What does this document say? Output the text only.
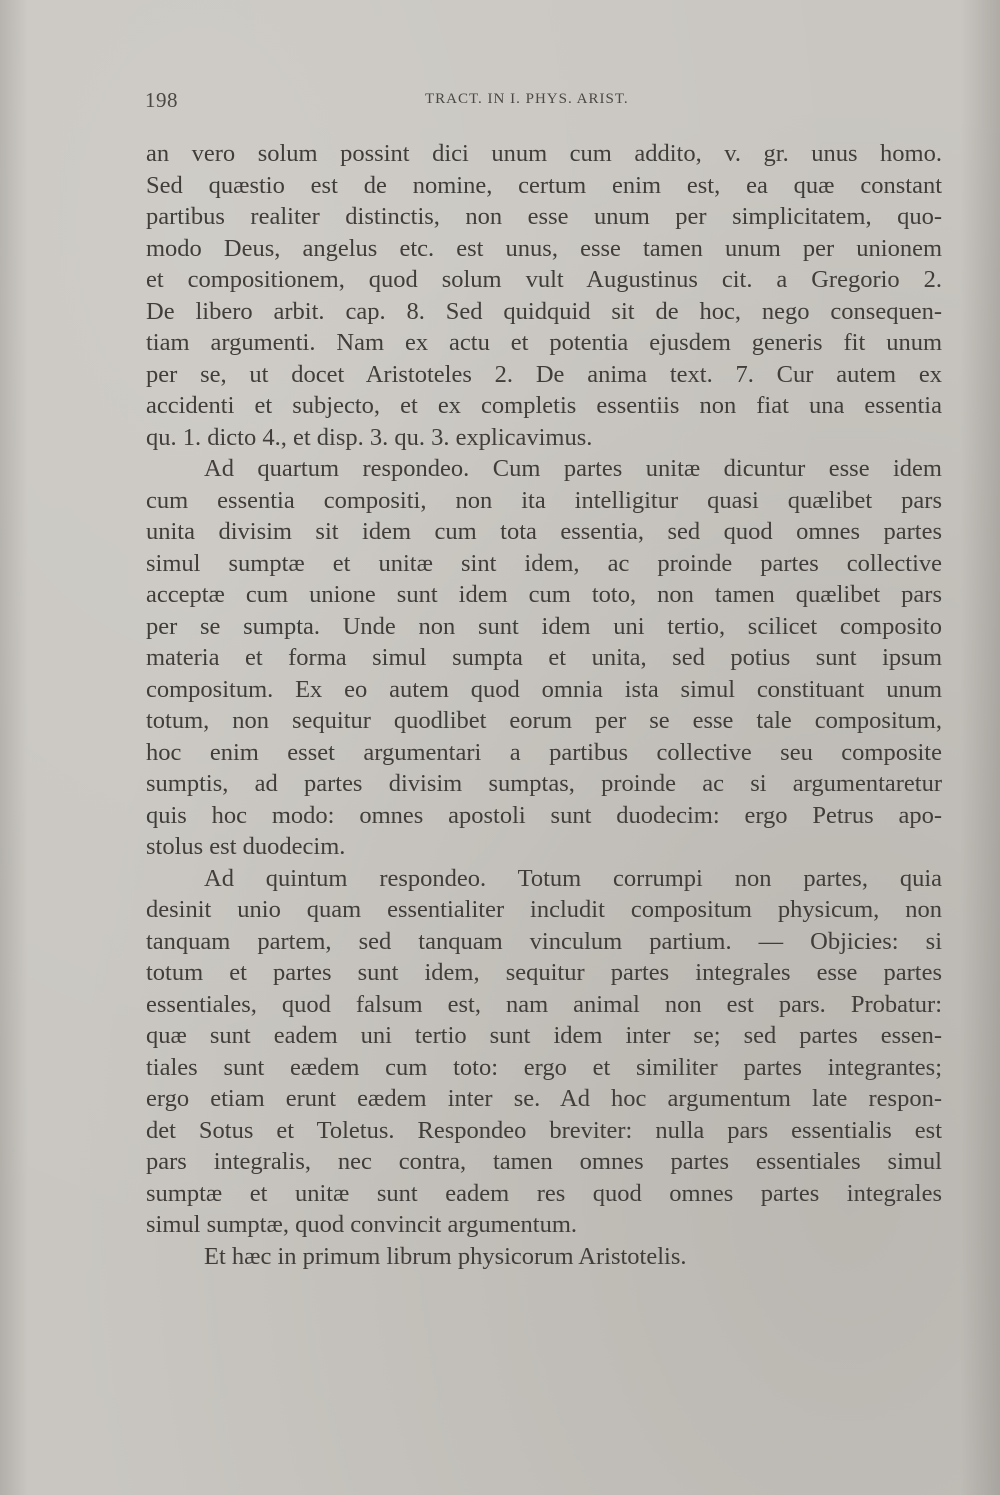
198	TRACT. IN I. PHYS. ARIST.
an vero solum possint dici unum cum addito, v. gr. unus homo.
Sed quæstio est de nomine, certum enim est, ea quæ constant
partibus realiter distinctis, non esse unum per simplicitatem, quo-
modo Deus, angelus etc. est unus, esse tamen unum per unionem
et compositionem, quod solum vult Augustinus cit. a Gregorio 2.
De libero arbit. cap. 8. Sed quidquid sit de hoc, nego consequen-
tiam argumenti. Nam ex actu et potentia ejusdem generis fit unum
per se, ut docet Aristoteles 2. De anima text. 7. Cur autem ex
accidenti et subjecto, et ex completis essentiis non fiat una essentia
qu. 1. dicto 4., et disp. 3. qu. 3. explicavimus.
Ad quartum respondeo. Cum partes unitæ dicuntur esse idem
cum essentia compositi, non ita intelligitur quasi quælibet pars
unita divisim sit idem cum tota essentia, sed quod omnes partes
simul sumptæ et unitæ sint idem, ac proinde partes collective
acceptæ cum unione sunt idem cum toto, non tamen quælibet pars
per se sumpta. Unde non sunt idem uni tertio, scilicet composito
materia et forma simul sumpta et unita, sed potius sunt ipsum
compositum. Ex eo autem quod omnia ista simul constituant unum
totum, non sequitur quodlibet eorum per se esse tale compositum,
hoc enim esset argumentari a partibus collective seu composite
sumptis, ad partes divisim sumptas, proinde ac si argumentaretur
quis hoc modo: omnes apostoli sunt duodecim: ergo Petrus apo-
stolus est duodecim.
Ad quintum respondeo. Totum corrumpi non partes, quia
desinit unio quam essentialiter includit compositum physicum, non
tanquam partem, sed tanquam vinculum partium. — Objicies: si
totum et partes sunt idem, sequitur partes integrales esse partes
essentiales, quod falsum est, nam animal non est pars. Probatur:
quæ sunt eadem uni tertio sunt idem inter se; sed partes essen-
tiales sunt eædem cum toto: ergo et similiter partes integrantes;
ergo etiam erunt eædem inter se. Ad hoc argumentum late respon-
det Sotus et Toletus. Respondeo breviter: nulla pars essentialis est
pars integralis, nec contra, tamen omnes partes essentiales simul
sumptæ et unitæ sunt eadem res quod omnes partes integrales
simul sumptæ, quod convincit argumentum.
Et hæc in primum librum physicorum Aristotelis.
